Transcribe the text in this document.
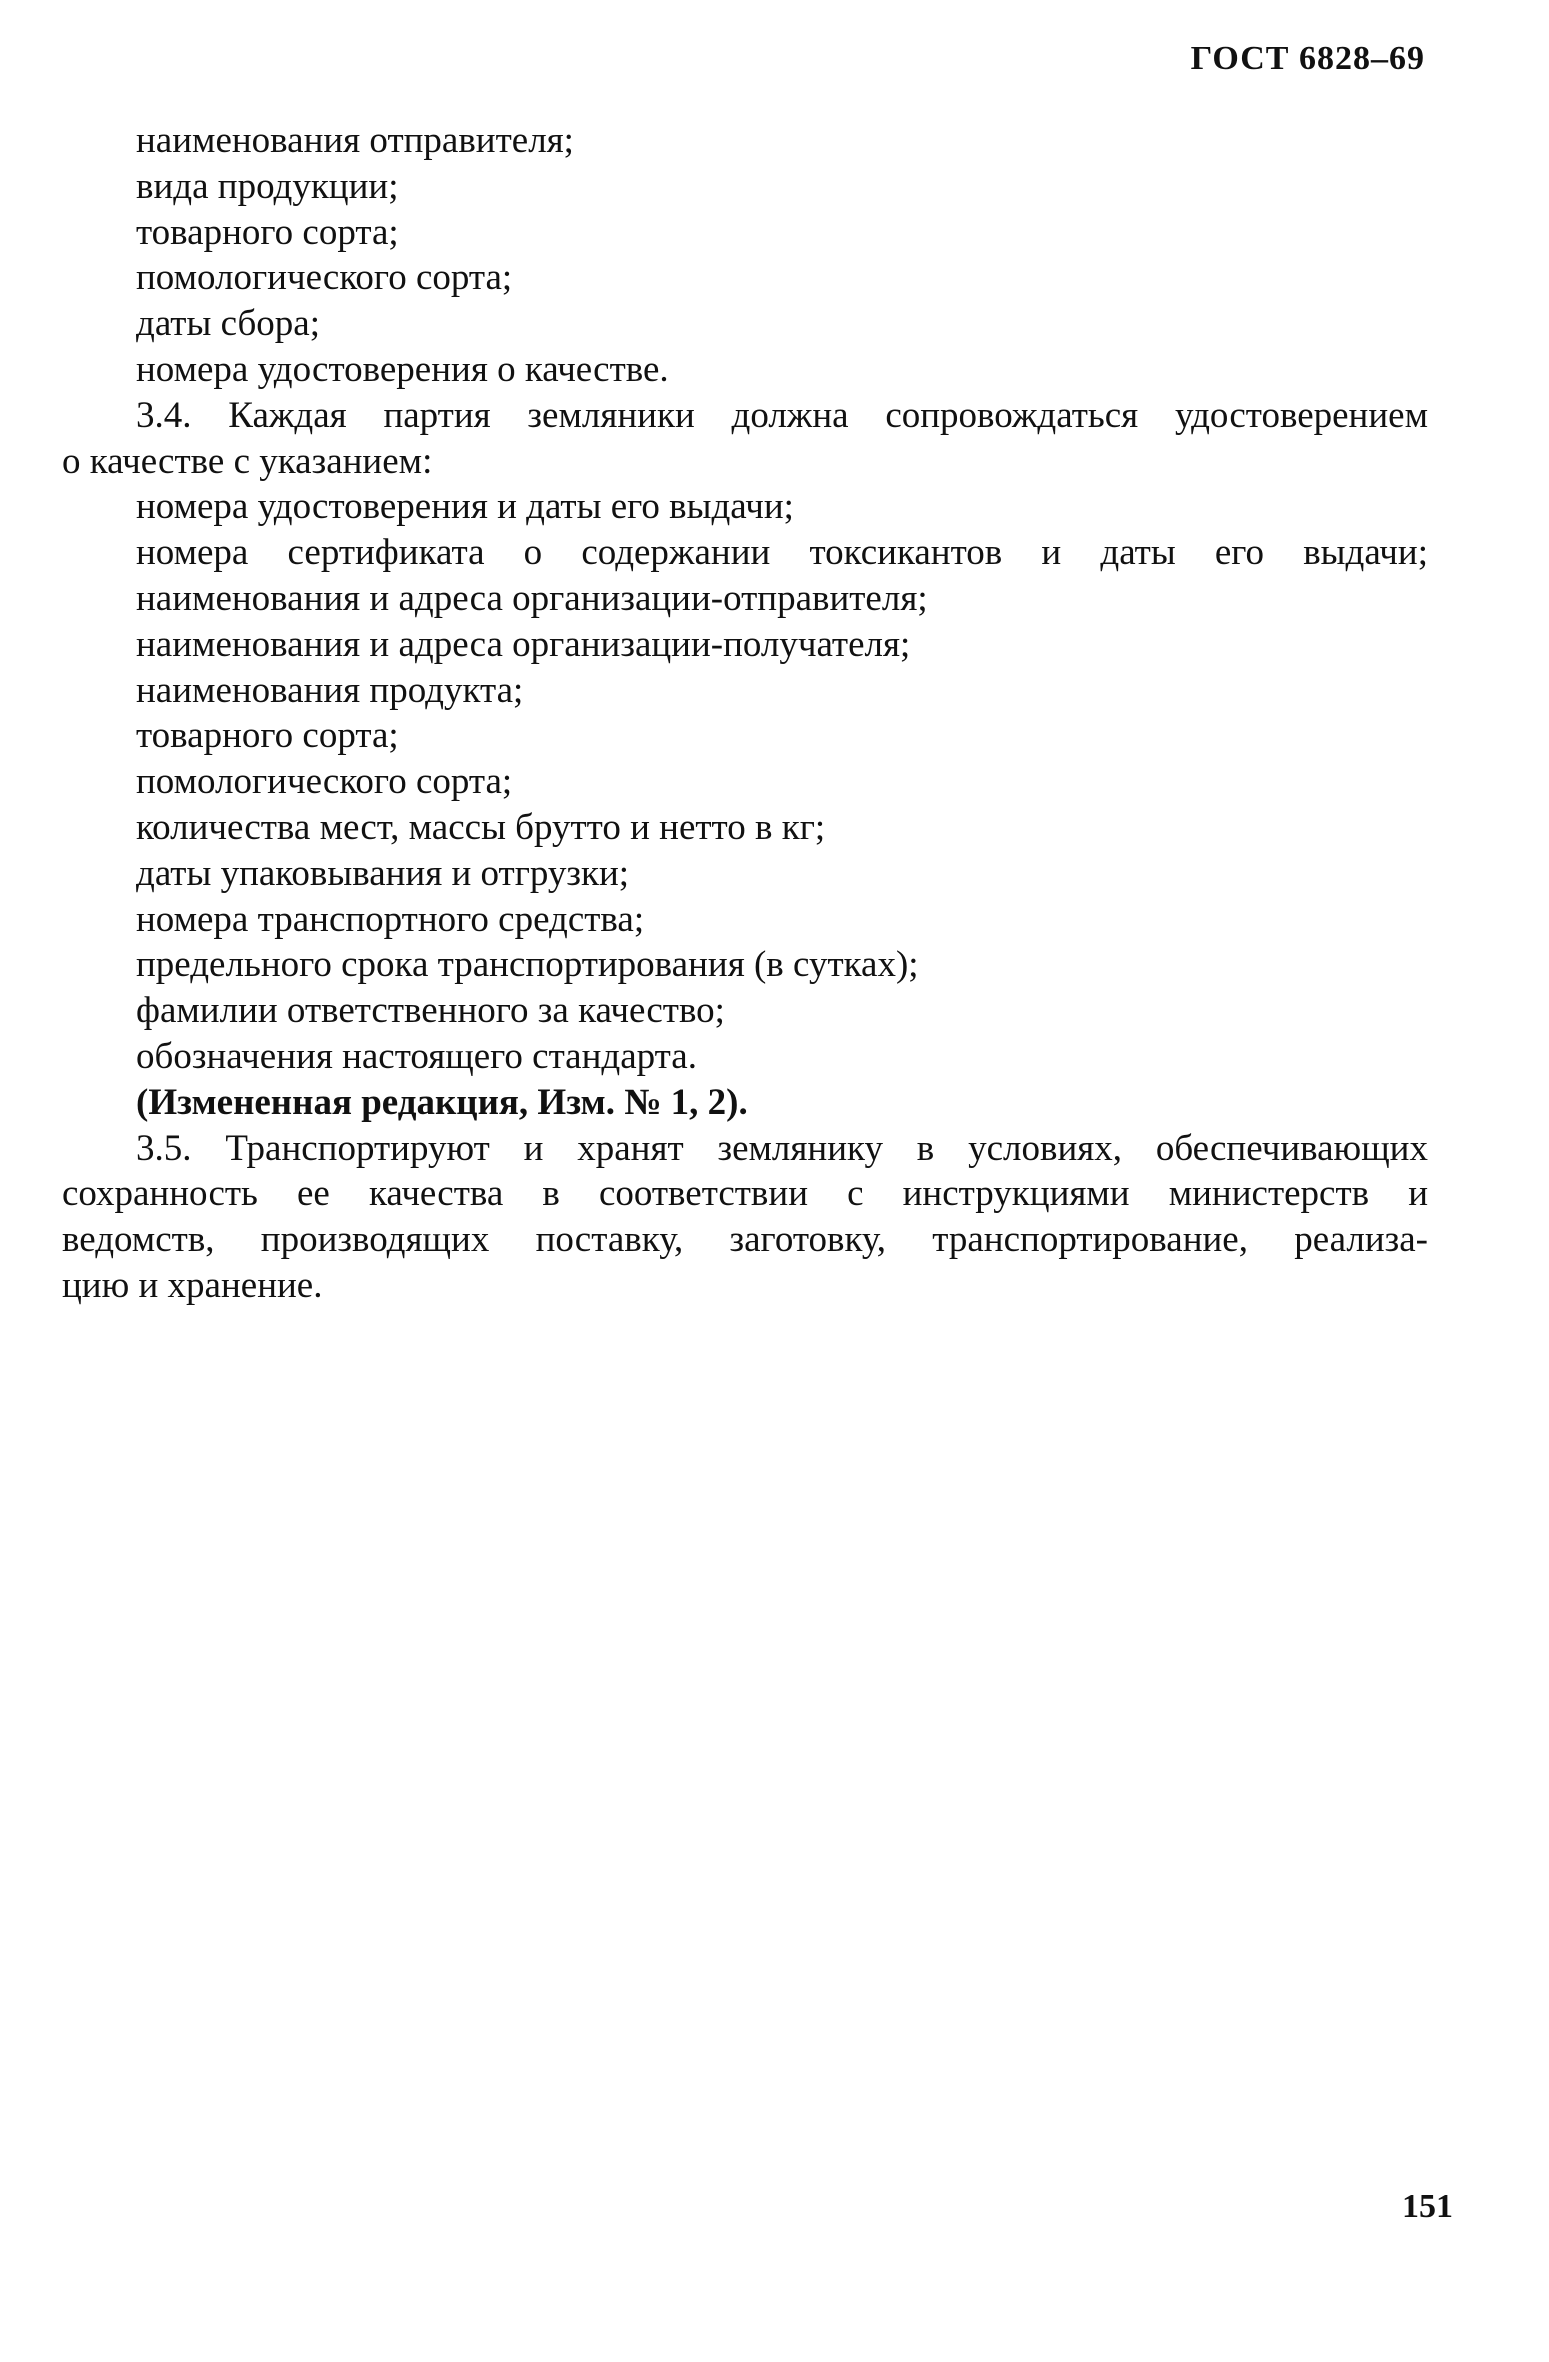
ГОСТ 6828–69
наименования отправителя;
вида продукции;
товарного сорта;
помологического сорта;
даты сбора;
номера удостоверения о качестве.
3.4. Каждая партия земляники должна сопровождаться удостоверением
о качестве с указанием:
номера удостоверения и даты его выдачи;
номера сертификата о содержании токсикантов и даты его выдачи;
наименования и адреса организации-отправителя;
наименования и адреса организации-получателя;
наименования продукта;
товарного сорта;
помологического сорта;
количества мест, массы брутто и нетто в кг;
даты упаковывания и отгрузки;
номера транспортного средства;
предельного срока транспортирования (в сутках);
фамилии ответственного за качество;
обозначения настоящего стандарта.
(Измененная редакция, Изм. № 1, 2).
3.5. Транспортируют и хранят землянику в условиях, обеспечивающих
сохранность ее качества в соответствии с инструкциями министерств и
ведомств, производящих поставку, заготовку, транспортирование, реализа-
цию и хранение.
151
